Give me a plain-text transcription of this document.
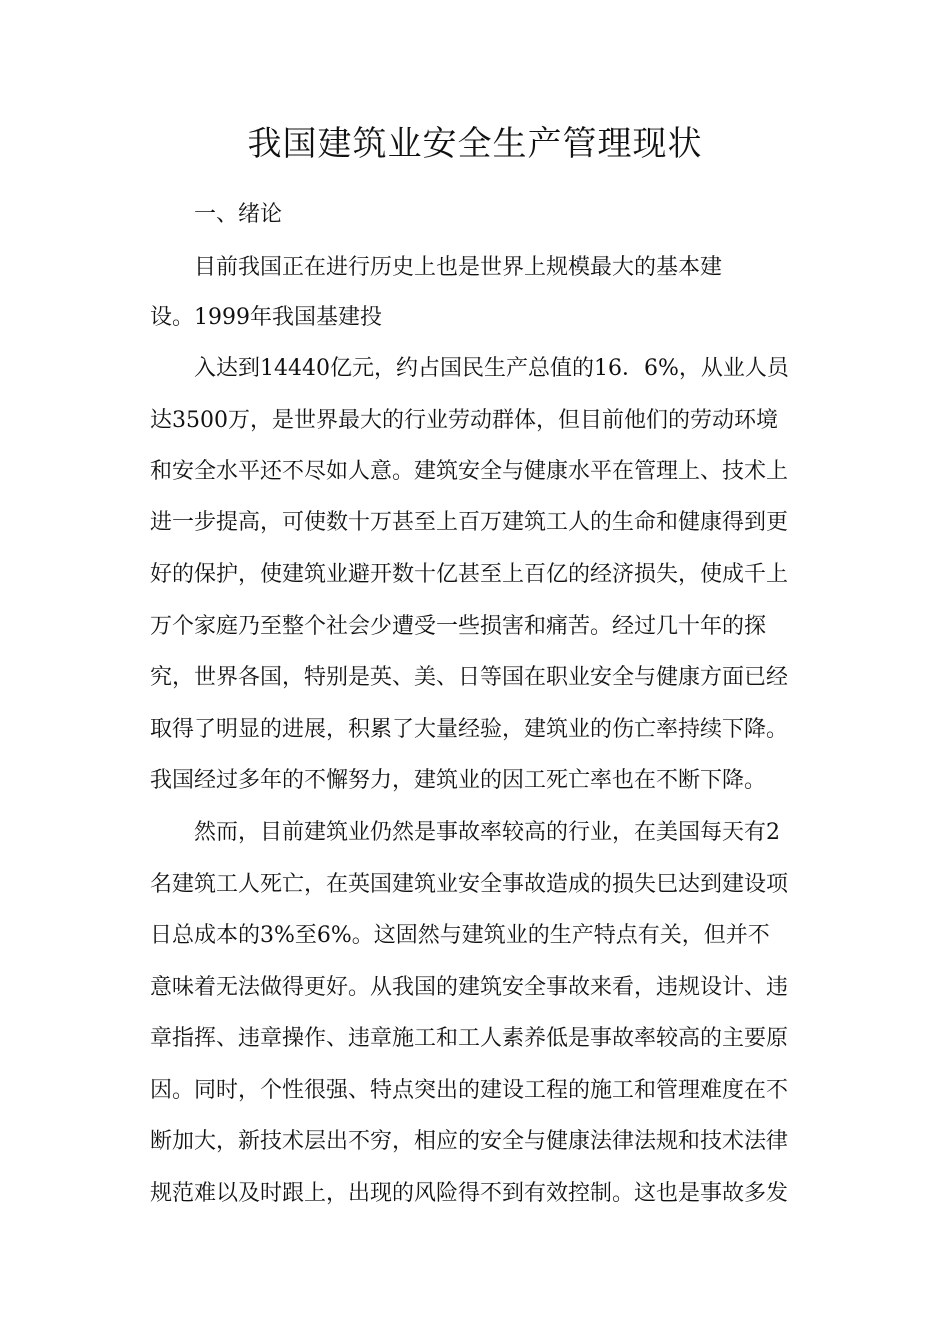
我国建筑业安全生产管理现状
一、绪论
目前我国正在进行历史上也是世界上规模最大的基本建
设。1999年我国基建投
入达到14440亿元，约占国民生产总值的16．6%，从业人员
达3500万，是世界最大的行业劳动群体，但目前他们的劳动环境
和安全水平还不尽如人意。建筑安全与健康水平在管理上、技术上
进一步提高，可使数十万甚至上百万建筑工人的生命和健康得到更
好的保护，使建筑业避开数十亿甚至上百亿的经济损失，使成千上
万个家庭乃至整个社会少遭受一些损害和痛苦。经过几十年的探
究，世界各国，特别是英、美、日等国在职业安全与健康方面已经
取得了明显的进展，积累了大量经验，建筑业的伤亡率持续下降。
我国经过多年的不懈努力，建筑业的因工死亡率也在不断下降。
然而，目前建筑业仍然是事故率较高的行业，在美国每天有2
名建筑工人死亡，在英国建筑业安全事故造成的损失巳达到建设项
日总成本的3%至6%。这固然与建筑业的生产特点有关，但并不
意味着无法做得更好。从我国的建筑安全事故来看，违规设计、违
章指挥、违章操作、违章施工和工人素养低是事故率较高的主要原
因。同时，个性很强、特点突出的建设工程的施工和管理难度在不
断加大，新技术层出不穷，相应的安全与健康法律法规和技术法律
规范难以及时跟上，出现的风险得不到有效控制。这也是事故多发
